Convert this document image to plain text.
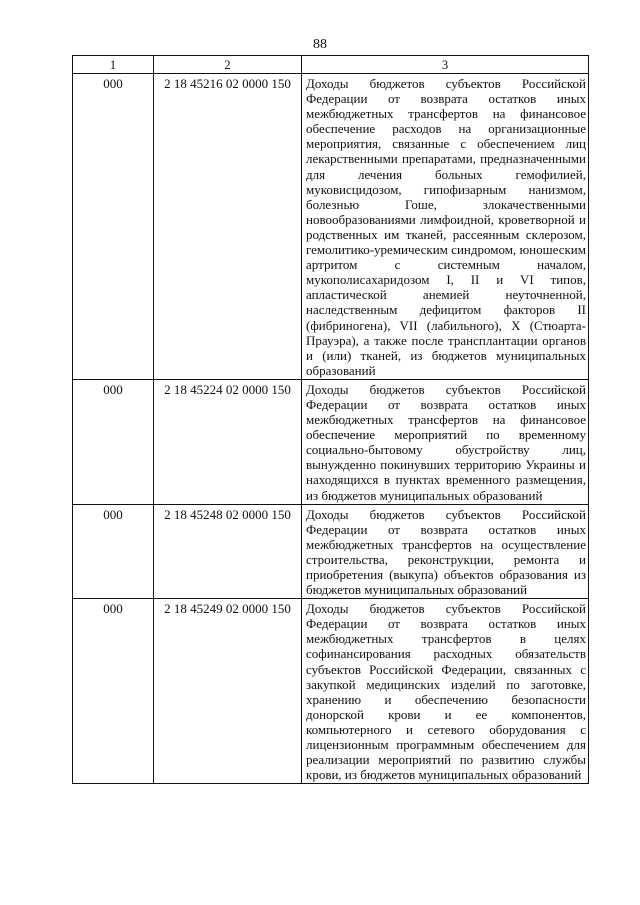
88
1	2	3
000	2 18 45216 02 0000 150	Доходы бюджетов субъектов Российской Федерации от возврата остатков иных межбюджетных трансфертов на финансовое обеспечение расходов на организационные мероприятия, связанные с обеспечением лиц лекарственными препаратами, предназначенными для лечения больных гемофилией, муковисцидозом, гипофизарным нанизмом, болезнью Гоше, злокачественными новообразованиями лимфоидной, кроветворной и родственных им тканей, рассеянным склерозом, гемолитико-уремическим синдромом, юношеским артритом с системным началом, мукополисахаридозом I, II и VI типов, апластической анемией неуточненной, наследственным дефицитом факторов II (фибриногена), VII (лабильного), X (Стюарта-Прауэра), а также после трансплантации органов и (или) тканей, из бюджетов муниципальных образований
000	2 18 45224 02 0000 150	Доходы бюджетов субъектов Российской Федерации от возврата остатков иных межбюджетных трансфертов на финансовое обеспечение мероприятий по временному социально-бытовому обустройству лиц, вынужденно покинувших территорию Украины и находящихся в пунктах временного размещения, из бюджетов муниципальных образований
000	2 18 45248 02 0000 150	Доходы бюджетов субъектов Российской Федерации от возврата остатков иных межбюджетных трансфертов на осуществление строительства, реконструкции, ремонта и приобретения (выкупа) объектов образования из бюджетов муниципальных образований
000	2 18 45249 02 0000 150	Доходы бюджетов субъектов Российской Федерации от возврата остатков иных межбюджетных трансфертов в целях софинансирования расходных обязательств субъектов Российской Федерации, связанных с закупкой медицинских изделий по заготовке, хранению и обеспечению безопасности донорской крови и ее компонентов, компьютерного и сетевого оборудования с лицензионным программным обеспечением для реализации мероприятий по развитию службы крови, из бюджетов муниципальных образований
